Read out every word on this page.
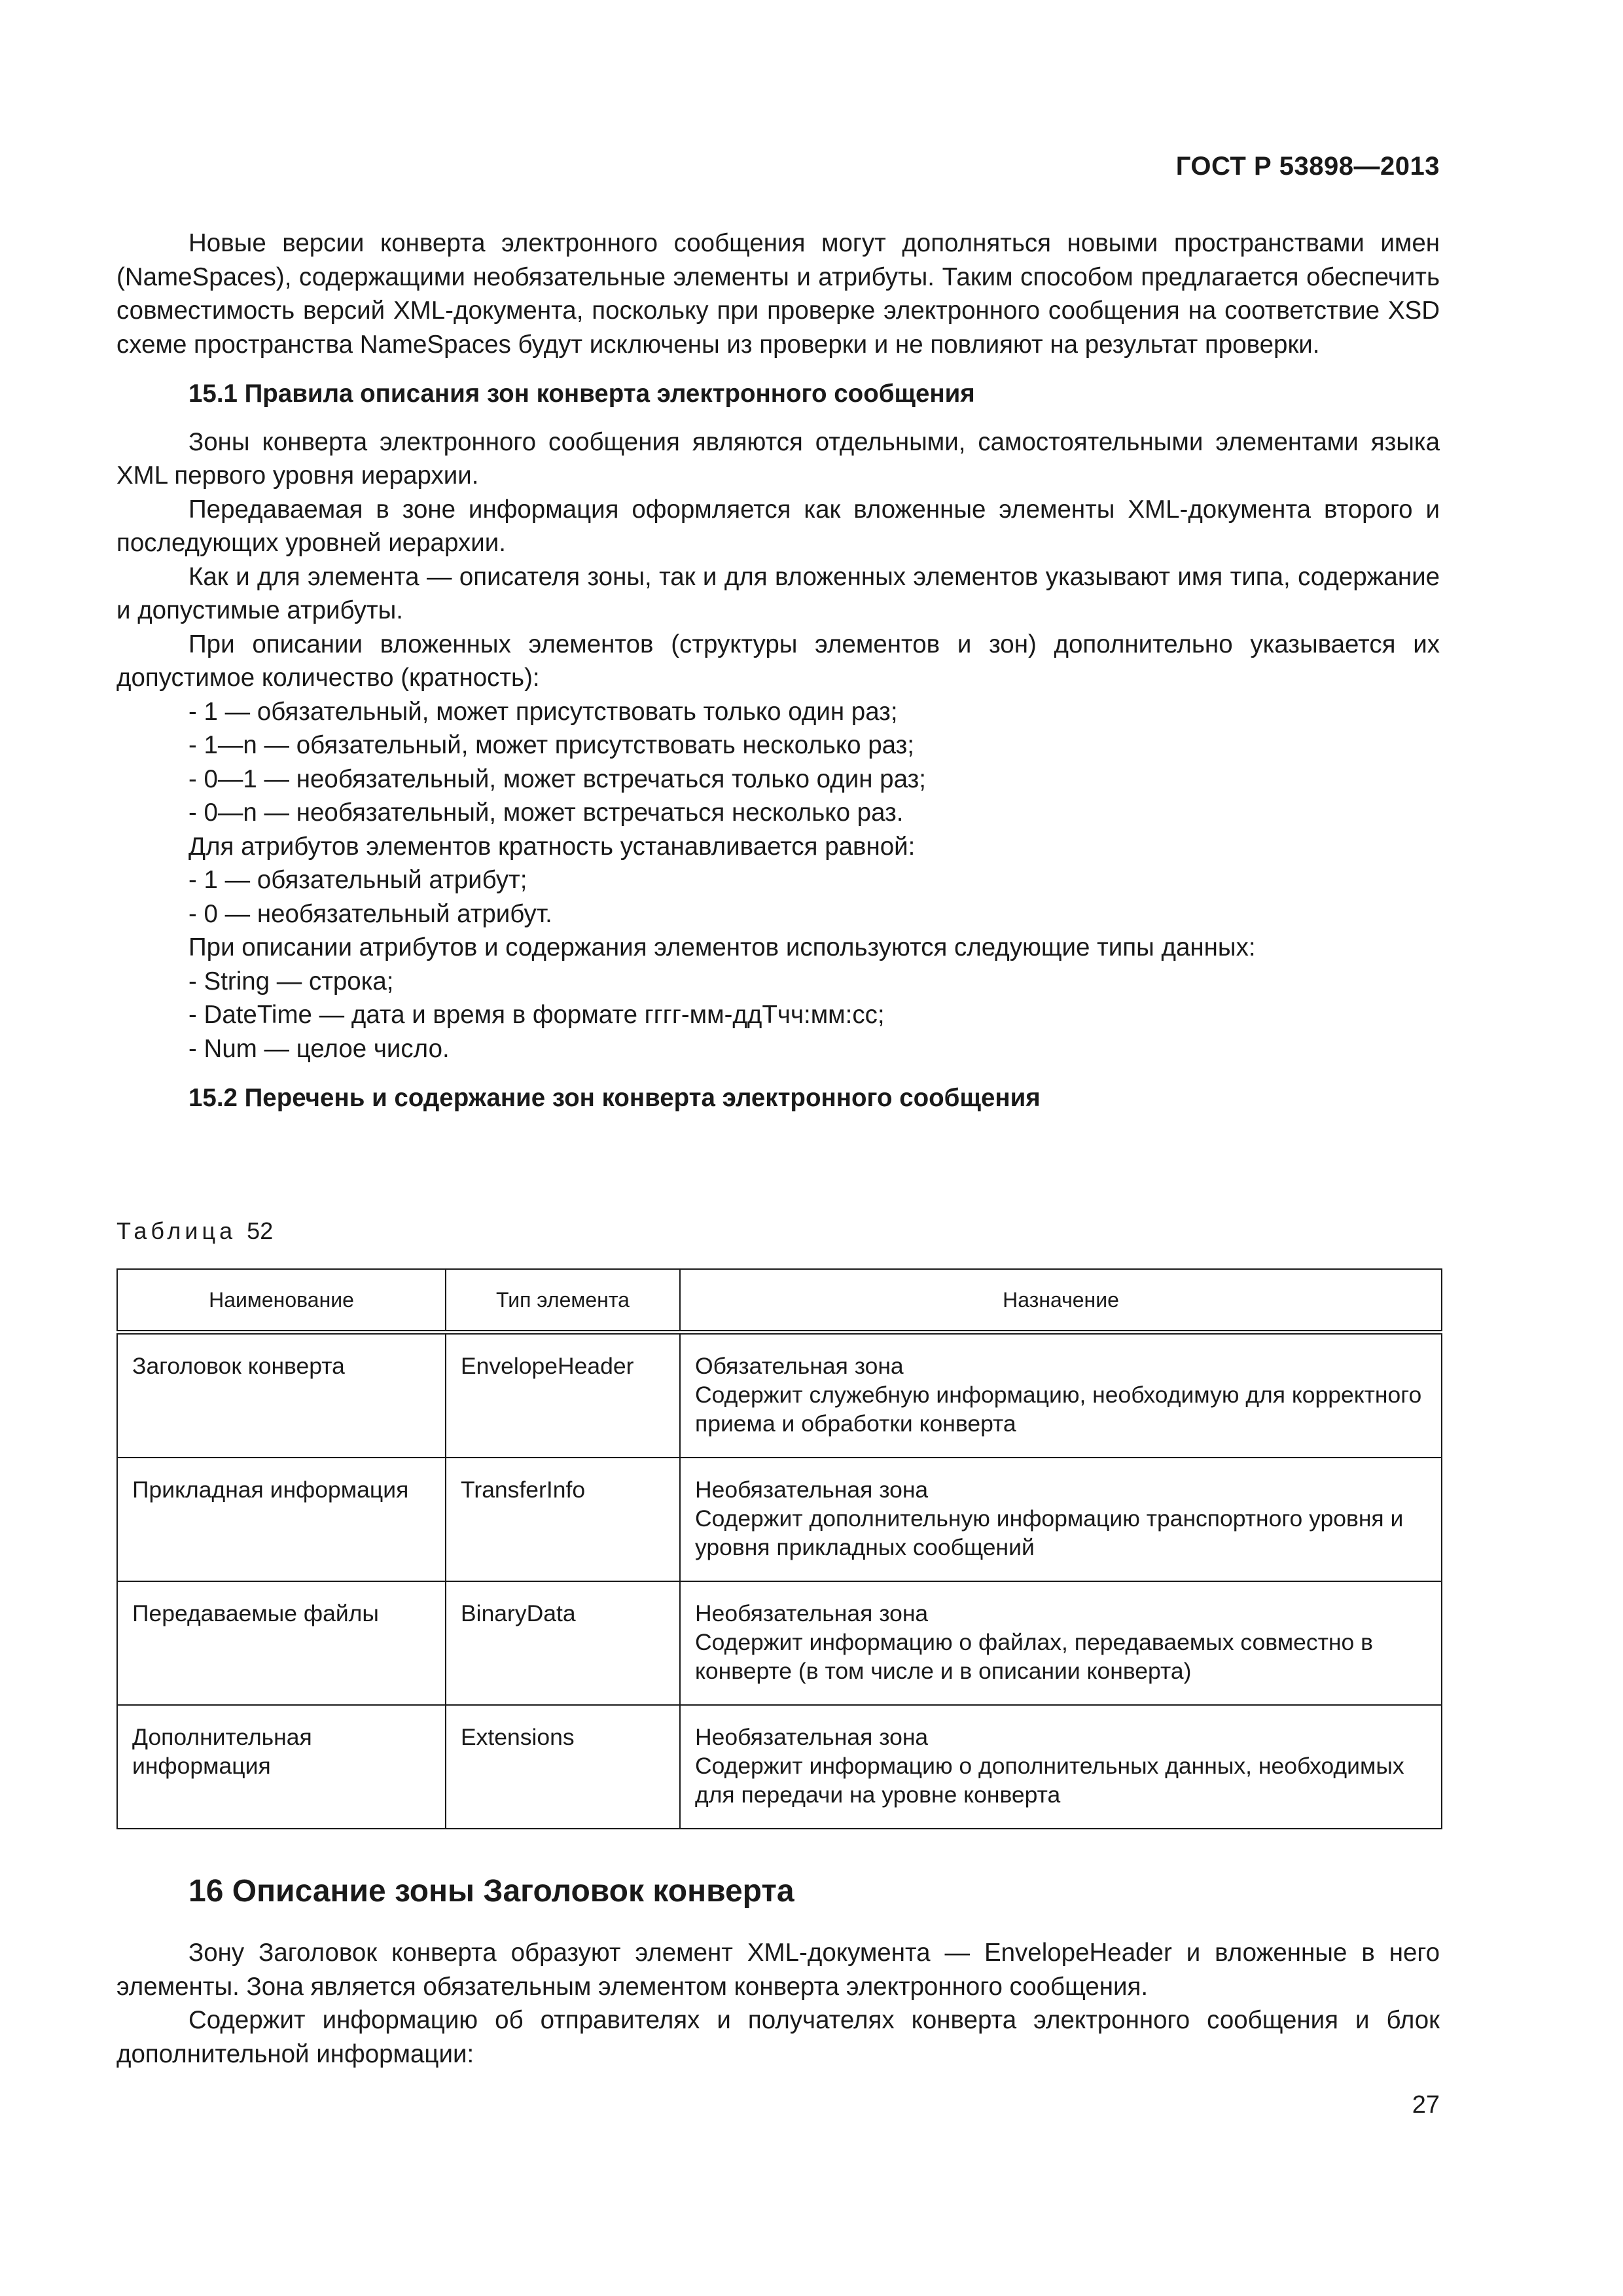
ГОСТ Р 53898—2013

Новые версии конверта электронного сообщения могут дополняться новыми пространствами имен (NameSpaces), содержащими необязательные элементы и атрибуты. Таким способом предлагается обеспечить совместимость версий XML-документа, поскольку при проверке электронного сообщения на соответствие XSD схеме пространства NameSpaces будут исключены из проверки и не повлияют на результат проверки.

15.1 Правила описания зон конверта электронного сообщения

Зоны конверта электронного сообщения являются отдельными, самостоятельными элементами языка XML первого уровня иерархии.

Передаваемая в зоне информация оформляется как вложенные элементы XML-документа второго и последующих уровней иерархии.

Как и для элемента — описателя зоны, так и для вложенных элементов указывают имя типа, содержание и допустимые атрибуты.

При описании вложенных элементов (структуры элементов и зон) дополнительно указывается их допустимое количество (кратность):

- 1 — обязательный, может присутствовать только один раз;

- 1—n — обязательный, может присутствовать несколько раз;

- 0—1 — необязательный, может встречаться только один раз;

- 0—n — необязательный, может встречаться несколько раз.

Для атрибутов элементов кратность устанавливается равной:

- 1 — обязательный атрибут;

- 0 — необязательный атрибут.

При описании атрибутов и содержания элементов используются следующие типы данных:

- String — строка;

- DateTime — дата и время в формате гггг-мм-ддТчч:мм:сс;

- Num — целое число.

15.2 Перечень и содержание зон конверта электронного сообщения

Таблица 52
Наименование	Тип элемента	Назначение
Заголовок конверта	EnvelopeHeader	Обязательная зона
Содержит служебную информацию, необходимую для корректного приема и обработки конверта

Прикладная информация	TransferInfo	Необязательная зона
Содержит дополнительную информацию транспортного уровня и уровня прикладных сообщений

Передаваемые файлы	BinaryData	Необязательная зона
Содержит информацию о файлах, передаваемых совместно в конверте (в том числе и в описании конверта)

Дополнительная информация	Extensions	Необязательная зона
Содержит информацию о дополнительных данных, необходимых для передачи на уровне конверта
16 Описание зоны Заголовок конверта

Зону Заголовок конверта образуют элемент XML-документа — EnvelopeHeader и вложенные в него элементы. Зона является обязательным элементом конверта электронного сообщения.

Содержит информацию об отправителях и получателях конверта электронного сообщения и блок дополнительной информации:

27
